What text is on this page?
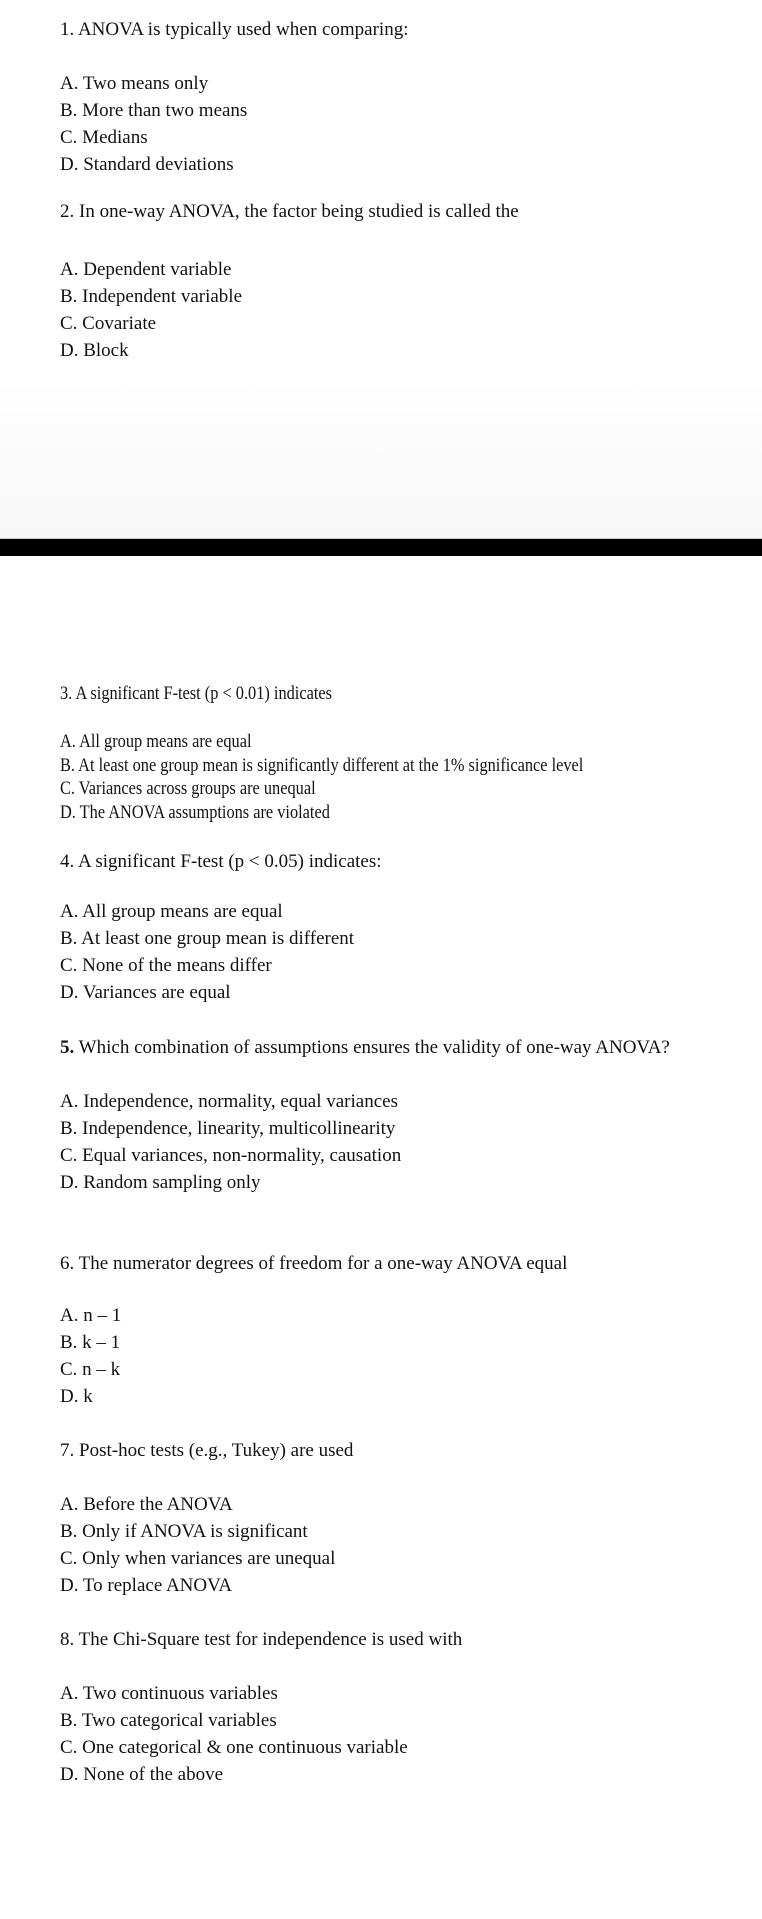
1. ANOVA is typically used when comparing:
A. Two means only
B. More than two means
C. Medians
D. Standard deviations
2. In one-way ANOVA, the factor being studied is called the
A. Dependent variable
B. Independent variable
C. Covariate
D. Block
3. A significant F-test (p < 0.01) indicates
A. All group means are equal
B. At least one group mean is significantly different at the 1% significance level
C. Variances across groups are unequal
D. The ANOVA assumptions are violated
4. A significant F-test (p < 0.05) indicates:
A. All group means are equal
B. At least one group mean is different
C. None of the means differ
D. Variances are equal
5. Which combination of assumptions ensures the validity of one-way ANOVA?
A. Independence, normality, equal variances
B. Independence, linearity, multicollinearity
C. Equal variances, non-normality, causation
D. Random sampling only
6. The numerator degrees of freedom for a one-way ANOVA equal
A. n – 1
B. k – 1
C. n – k
D. k
7. Post-hoc tests (e.g., Tukey) are used
A. Before the ANOVA
B. Only if ANOVA is significant
C. Only when variances are unequal
D. To replace ANOVA
8. The Chi-Square test for independence is used with
A. Two continuous variables
B. Two categorical variables
C. One categorical & one continuous variable
D. None of the above
